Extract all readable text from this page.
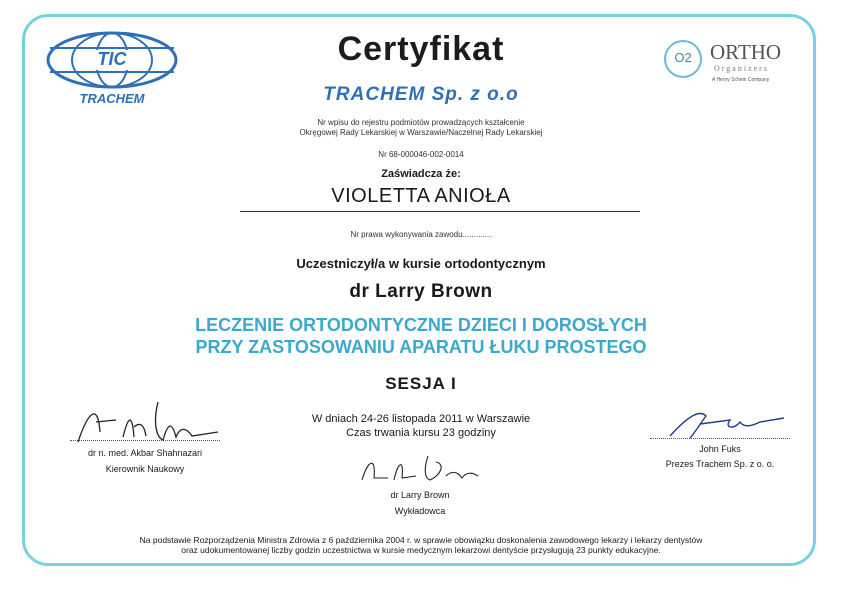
TIC
TRACHEM
O2 ORTHO
Organizers
A Henry Schein Company
Certyfikat
TRACHEM Sp. z o.o
Nr wpisu do rejestru podmiotów prowadzących kształcenie
Okręgowej Rady Lekarskiej w Warszawie/Naczelnej Rady Lekarskiej
Nr 68-000046-002-0014
Zaświadcza że:
VIOLETTA ANIOŁA
Nr prawa wykonywania zawodu.............
Uczestniczył/a w kursie ortodontycznym
dr Larry Brown
LECZENIE ORTODONTYCZNE DZIECI I DOROSŁYCH
PRZY ZASTOSOWANIU APARATU ŁUKU PROSTEGO
SESJA I
W dniach 24-26 listopada 2011 w Warszawie
Czas trwania kursu 23 godziny
dr n. med. Akbar Shahnazari
Kierownik Naukowy
dr Larry Brown
Wykładowca
John Fuks
Prezes Trachem Sp. z o. o.
Na podstawie Rozporządzenia Ministra Zdrowia z 6 października 2004 r. w sprawie obowiązku doskonalenia zawodowego lekarzy i lekarzy dentystów
oraz udokumentowanej liczby godzin uczestnictwa w kursie medycznym lekarzowi dentyście przysługują 23 punkty edukacyjne.
